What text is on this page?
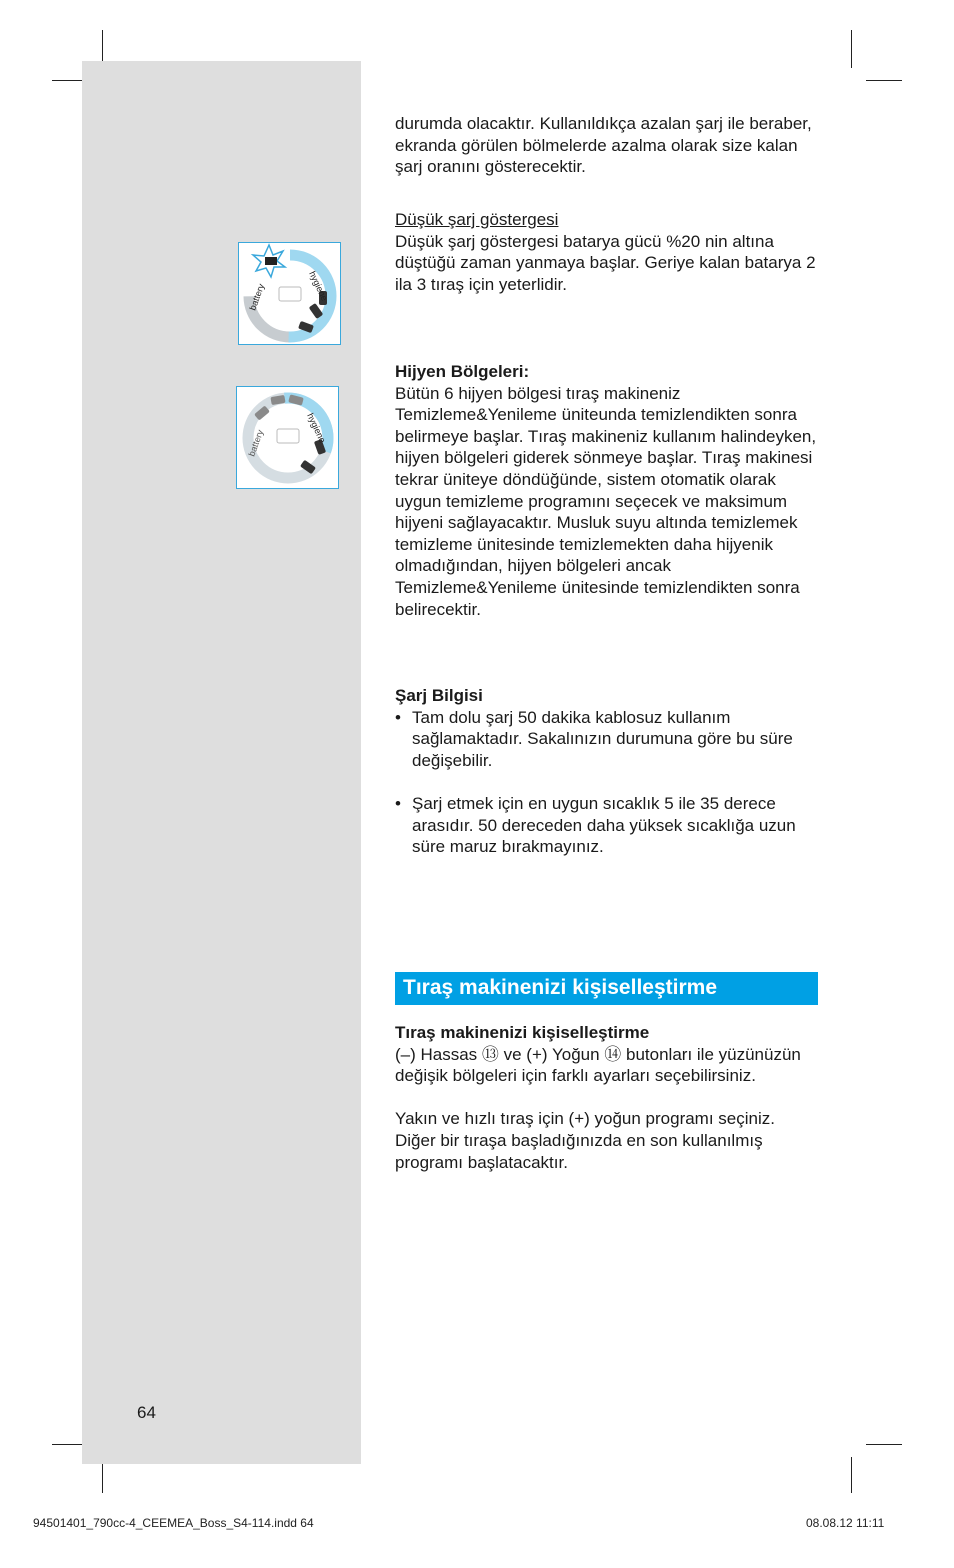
battery	hygiene
battery	hygiene

durumda olacaktır. Kullanıldıkça azalan şarj ile beraber, ekranda görülen bölmelerde azalma olarak size kalan şarj oranını gösterecektir.

Düşük şarj göstergesi

Düşük şarj göstergesi batarya gücü %20 nin altına düştüğü zaman yanmaya başlar. Geriye kalan batarya 2 ila 3 tıraş için yeterlidir.

Hijyen Bölgeleri:

Bütün 6 hijyen bölgesi tıraş makineniz Temizleme&Yenileme üniteunda temizlendikten sonra belirmeye başlar. Tıraş makineniz kullanım halindeyken, hijyen bölgeleri giderek sönmeye başlar. Tıraş makinesi tekrar üniteye döndüğünde, sistem otomatik olarak uygun temizleme programını seçecek ve maksimum hijyeni sağlayacaktır. Musluk suyu altında temizlemek temizleme ünitesinde temizlemekten daha hijyenik olmadığından, hijyen bölgeleri ancak Temizleme&Yenileme ünitesinde temizlendikten sonra belirecektir.

Şarj Bilgisi

• Tam dolu şarj 50 dakika kablosuz kullanım sağlamaktadır. Sakalınızın durumuna göre bu süre değişebilir.

• Şarj etmek için en uygun sıcaklık 5 ile 35 derece arasıdır. 50 dereceden daha yüksek sıcaklığa uzun süre maruz bırakmayınız.

Tıraş makinenizi kişiselleştirme

Tıraş makinenizi kişiselleştirme

(–) Hassas ⑬ ve (+) Yoğun ⑭ butonları ile yüzünüzün değişik bölgeleri için farklı ayarları seçebilirsiniz.

Yakın ve hızlı tıraş için (+) yoğun programı seçiniz.

Diğer bir tıraşa başladığınızda en son kullanılmış programı başlatacaktır.

64
94501401_790cc-4_CEEMEA_Boss_S4-114.indd 64	08.08.12 11:11
